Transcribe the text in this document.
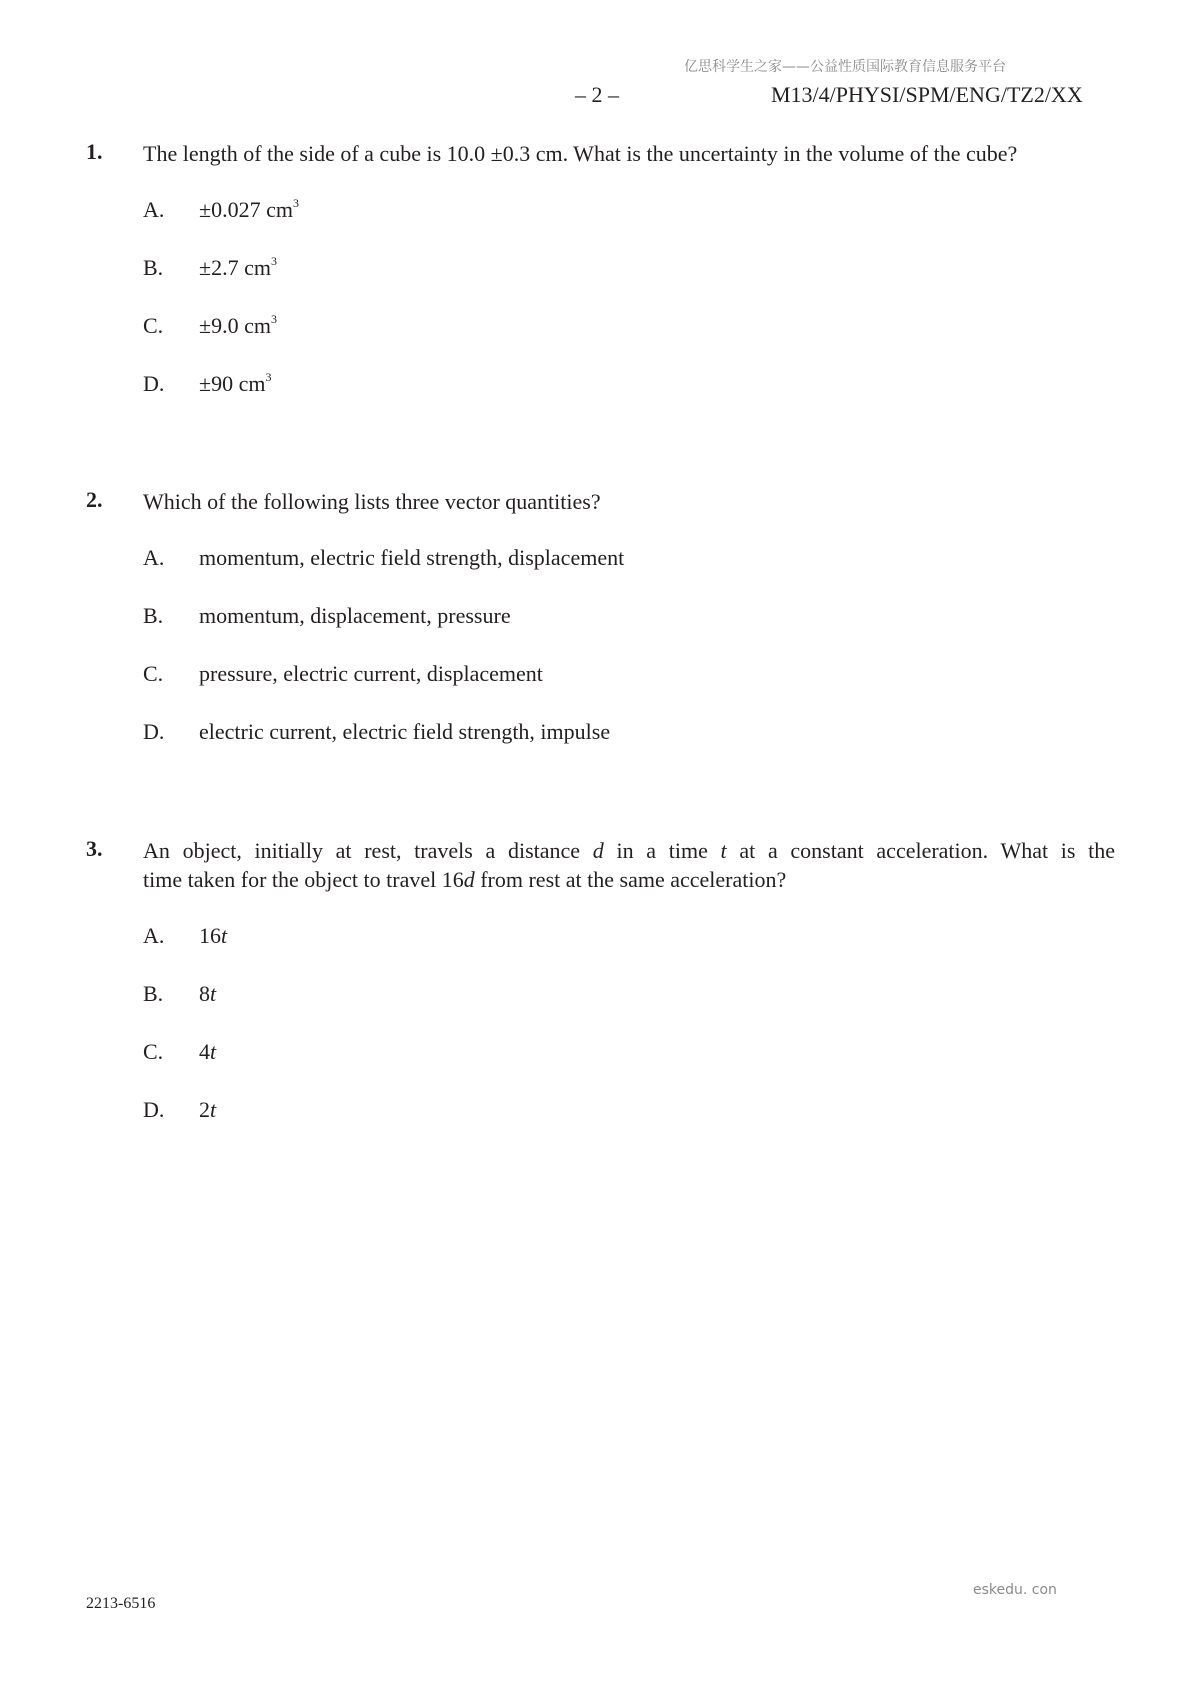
亿思科学生之家——公益性质国际教育信息服务平台
– 2 –	M13/4/PHYSI/SPM/ENG/TZ2/XX
1. The length of the side of a cube is 10.0 ±0.3 cm. What is the uncertainty in the volume of the cube?
A. ±0.027 $cm^3$
B. ±2.7 $cm^3$
C. ±9.0 $cm^3$
D. ±90 $cm^3$
2. Which of the following lists three vector quantities?
A. momentum, electric field strength, displacement
B. momentum, displacement, pressure
C. pressure, electric current, displacement
D. electric current, electric field strength, impulse
3. An object, initially at rest, travels a distance d in a time t at a constant acceleration. What is the
time taken for the object to travel 16d from rest at the same acceleration?
A. 16t
B. 8t
C. 4t
D. 2t
eskedu. con
2213-6516
